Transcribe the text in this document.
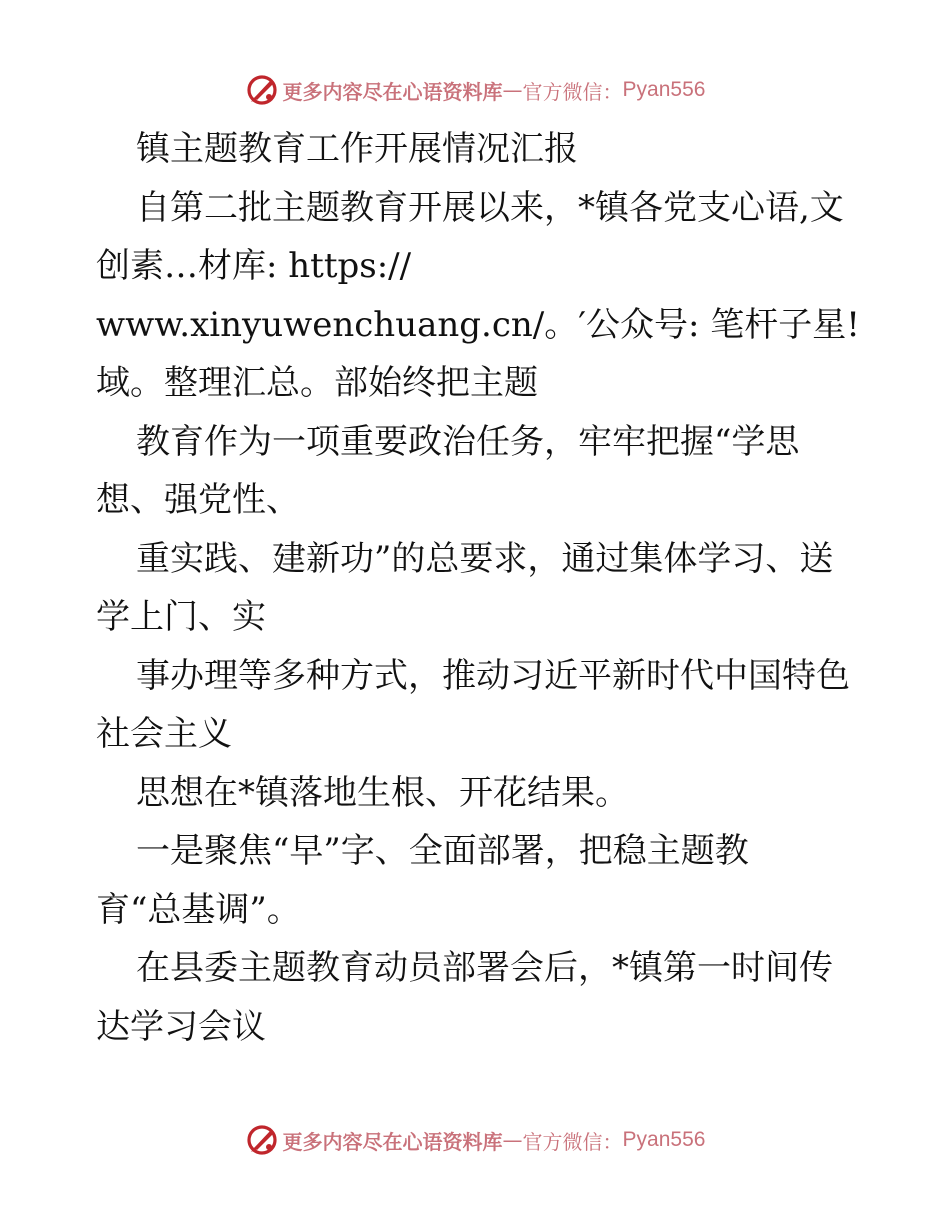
更多内容尽在心语资料库 — 官方微信： Pyan556
镇主题教育工作开展情况汇报
自第二批主题教育开展以来，*镇各党支心语,文
创素…材库: https://
www.xinyuwenchuang.cn/。′公众号: 笔杆子星!
域。整理汇总。部始终把主题
教育作为一项重要政治任务，牢牢把握“学思
想、强党性、
重实践、建新功”的总要求，通过集体学习、送
学上门、实
事办理等多种方式，推动习近平新时代中国特色
社会主义
思想在*镇落地生根、开花结果。
一是聚焦“早”字、全面部署，把稳主题教
育“总基调”。
在县委主题教育动员部署会后，*镇第一时间传
达学习会议
更多内容尽在心语资料库 — 官方微信： Pyan556
